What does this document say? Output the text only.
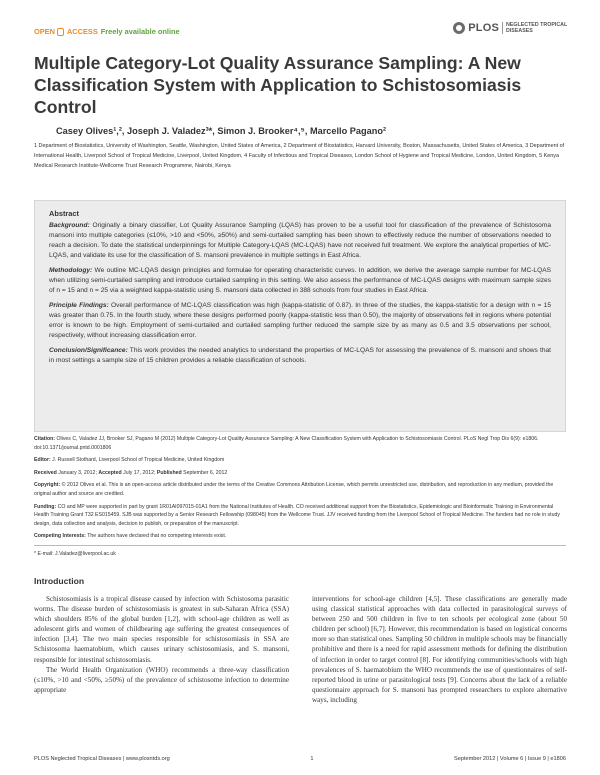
OPEN ACCESS Freely available online	PLOS	NEGLECTED TROPICAL DISEASES
Multiple Category-Lot Quality Assurance Sampling: A New Classification System with Application to Schistosomiasis Control
Casey Olives¹,², Joseph J. Valadez³*, Simon J. Brooker⁴,⁵, Marcello Pagano²
1 Department of Biostatistics, University of Washington, Seattle, Washington, United States of America, 2 Department of Biostatistics, Harvard University, Boston, Massachusetts, United States of America, 3 Department of International Health, Liverpool School of Tropical Medicine, Liverpool, United Kingdom, 4 Faculty of Infectious and Tropical Diseases, London School of Hygiene and Tropical Medicine, London, United Kingdom, 5 Kenya Medical Research Institute-Wellcome Trust Research Programme, Nairobi, Kenya
Abstract

Background: Originally a binary classifier, Lot Quality Assurance Sampling (LQAS) has proven to be a useful tool for classification of the prevalence of Schistosoma mansoni into multiple categories (≤10%, >10 and <50%, ≥50%) and semi-curtailed sampling has been shown to effectively reduce the number of observations needed to reach a decision. To date the statistical underpinnings for Multiple Category-LQAS (MC-LQAS) have not received full treatment. We explore the analytical properties of MC-LQAS, and validate its use for the classification of S. mansoni prevalence in multiple settings in East Africa.

Methodology: We outline MC-LQAS design principles and formulae for operating characteristic curves. In addition, we derive the average sample number for MC-LQAS when utilizing semi-curtailed sampling and introduce curtailed sampling in this setting. We also assess the performance of MC-LQAS designs with maximum sample sizes of n = 15 and n = 25 via a weighted kappa-statistic using S. mansoni data collected in 388 schools from four studies in East Africa.

Principle Findings: Overall performance of MC-LQAS classification was high (kappa-statistic of 0.87). In three of the studies, the kappa-statistic for a design with n = 15 was greater than 0.75. In the fourth study, where these designs performed poorly (kappa-statistic less than 0.50), the majority of observations fell in regions where potential error is known to be high. Employment of semi-curtailed and curtailed sampling further reduced the sample size by as many as 0.5 and 3.5 observations per school, respectively, without increasing classification error.

Conclusion/Significance: This work provides the needed analytics to understand the properties of MC-LQAS for assessing the prevalence of S. mansoni and shows that in most settings a sample size of 15 children provides a reliable classification of schools.

Citation: Olives C, Valadez JJ, Brooker SJ, Pagano M (2012) Multiple Category-Lot Quality Assurance Sampling: A New Classification System with Application to Schistosomiasis Control. PLoS Negl Trop Dis 6(9): e1806. doi:10.1371/journal.pntd.0001806

Editor: J. Russell Stothard, Liverpool School of Tropical Medicine, United Kingdom

Received January 3, 2012; Accepted July 17, 2012; Published September 6, 2012

Copyright: © 2012 Olives et al. This is an open-access article distributed under the terms of the Creative Commons Attribution License, which permits unrestricted use, distribution, and reproduction in any medium, provided the original author and source are credited.

Funding: CO and MP were supported in part by grant 1R01AI097015-01A1 from the National Institutes of Health. CO received additional support from the Biostatistics, Epidemiologic and Bioinformatic Training in Environmental Health Training Grant T32 ES015459. SJB was supported by a Senior Research Fellowship (098045) from the Wellcome Trust. JJV received funding from the Liverpool School of Tropical Medicine. The funders had no role in study design, data collection and analysis, decision to publish, or preparation of the manuscript.

Competing Interests: The authors have declared that no competing interests exist.

* E-mail: J.Valadez@liverpool.ac.uk

Introduction

Schistosomiasis is a tropical disease caused by infection with Schistosoma parasitic worms. The disease burden of schistosomiasis is greatest in sub-Saharan Africa (SSA) which shoulders 85% of the global burden [1,2], with school-age children as well as adolescent girls and women of childbearing age suffering the greatest consequences of infection [3,4]. The two main species responsible for schistosomiasis in SSA are Schistosoma haematobium, which causes urinary schistosomiasis, and S. mansoni, responsible for intestinal schistosomiasis.

The World Health Organization (WHO) recommends a three-way classification (≤10%, >10 and <50%, ≥50%) of the prevalence of schistosome infection to determine appropriate

interventions for school-age children [4,5]. These classifications are generally made using classical statistical approaches with data collected in parasitological surveys of between 250 and 500 children in five to ten schools per ecological zone (about 50 children per school) [6,7]. However, this recommendation is based on logistical concerns more so than statistical ones. Sampling 50 children in multiple schools may be financially prohibitive and there is a need for rapid assessment methods for defining the distribution of infection in order to target control [8]. For identifying communities/schools with high prevalences of S. haematobium the WHO recommends the use of questionnaires of self-reported blood in urine or parasitological tests [9]. Concerns about the lack of a reliable questionnaire approach for S. mansoni has prompted researchers to explore alternative ways, including

PLOS Neglected Tropical Diseases | www.plosntds.org	1	September 2012 | Volume 6 | Issue 9 | e1806
